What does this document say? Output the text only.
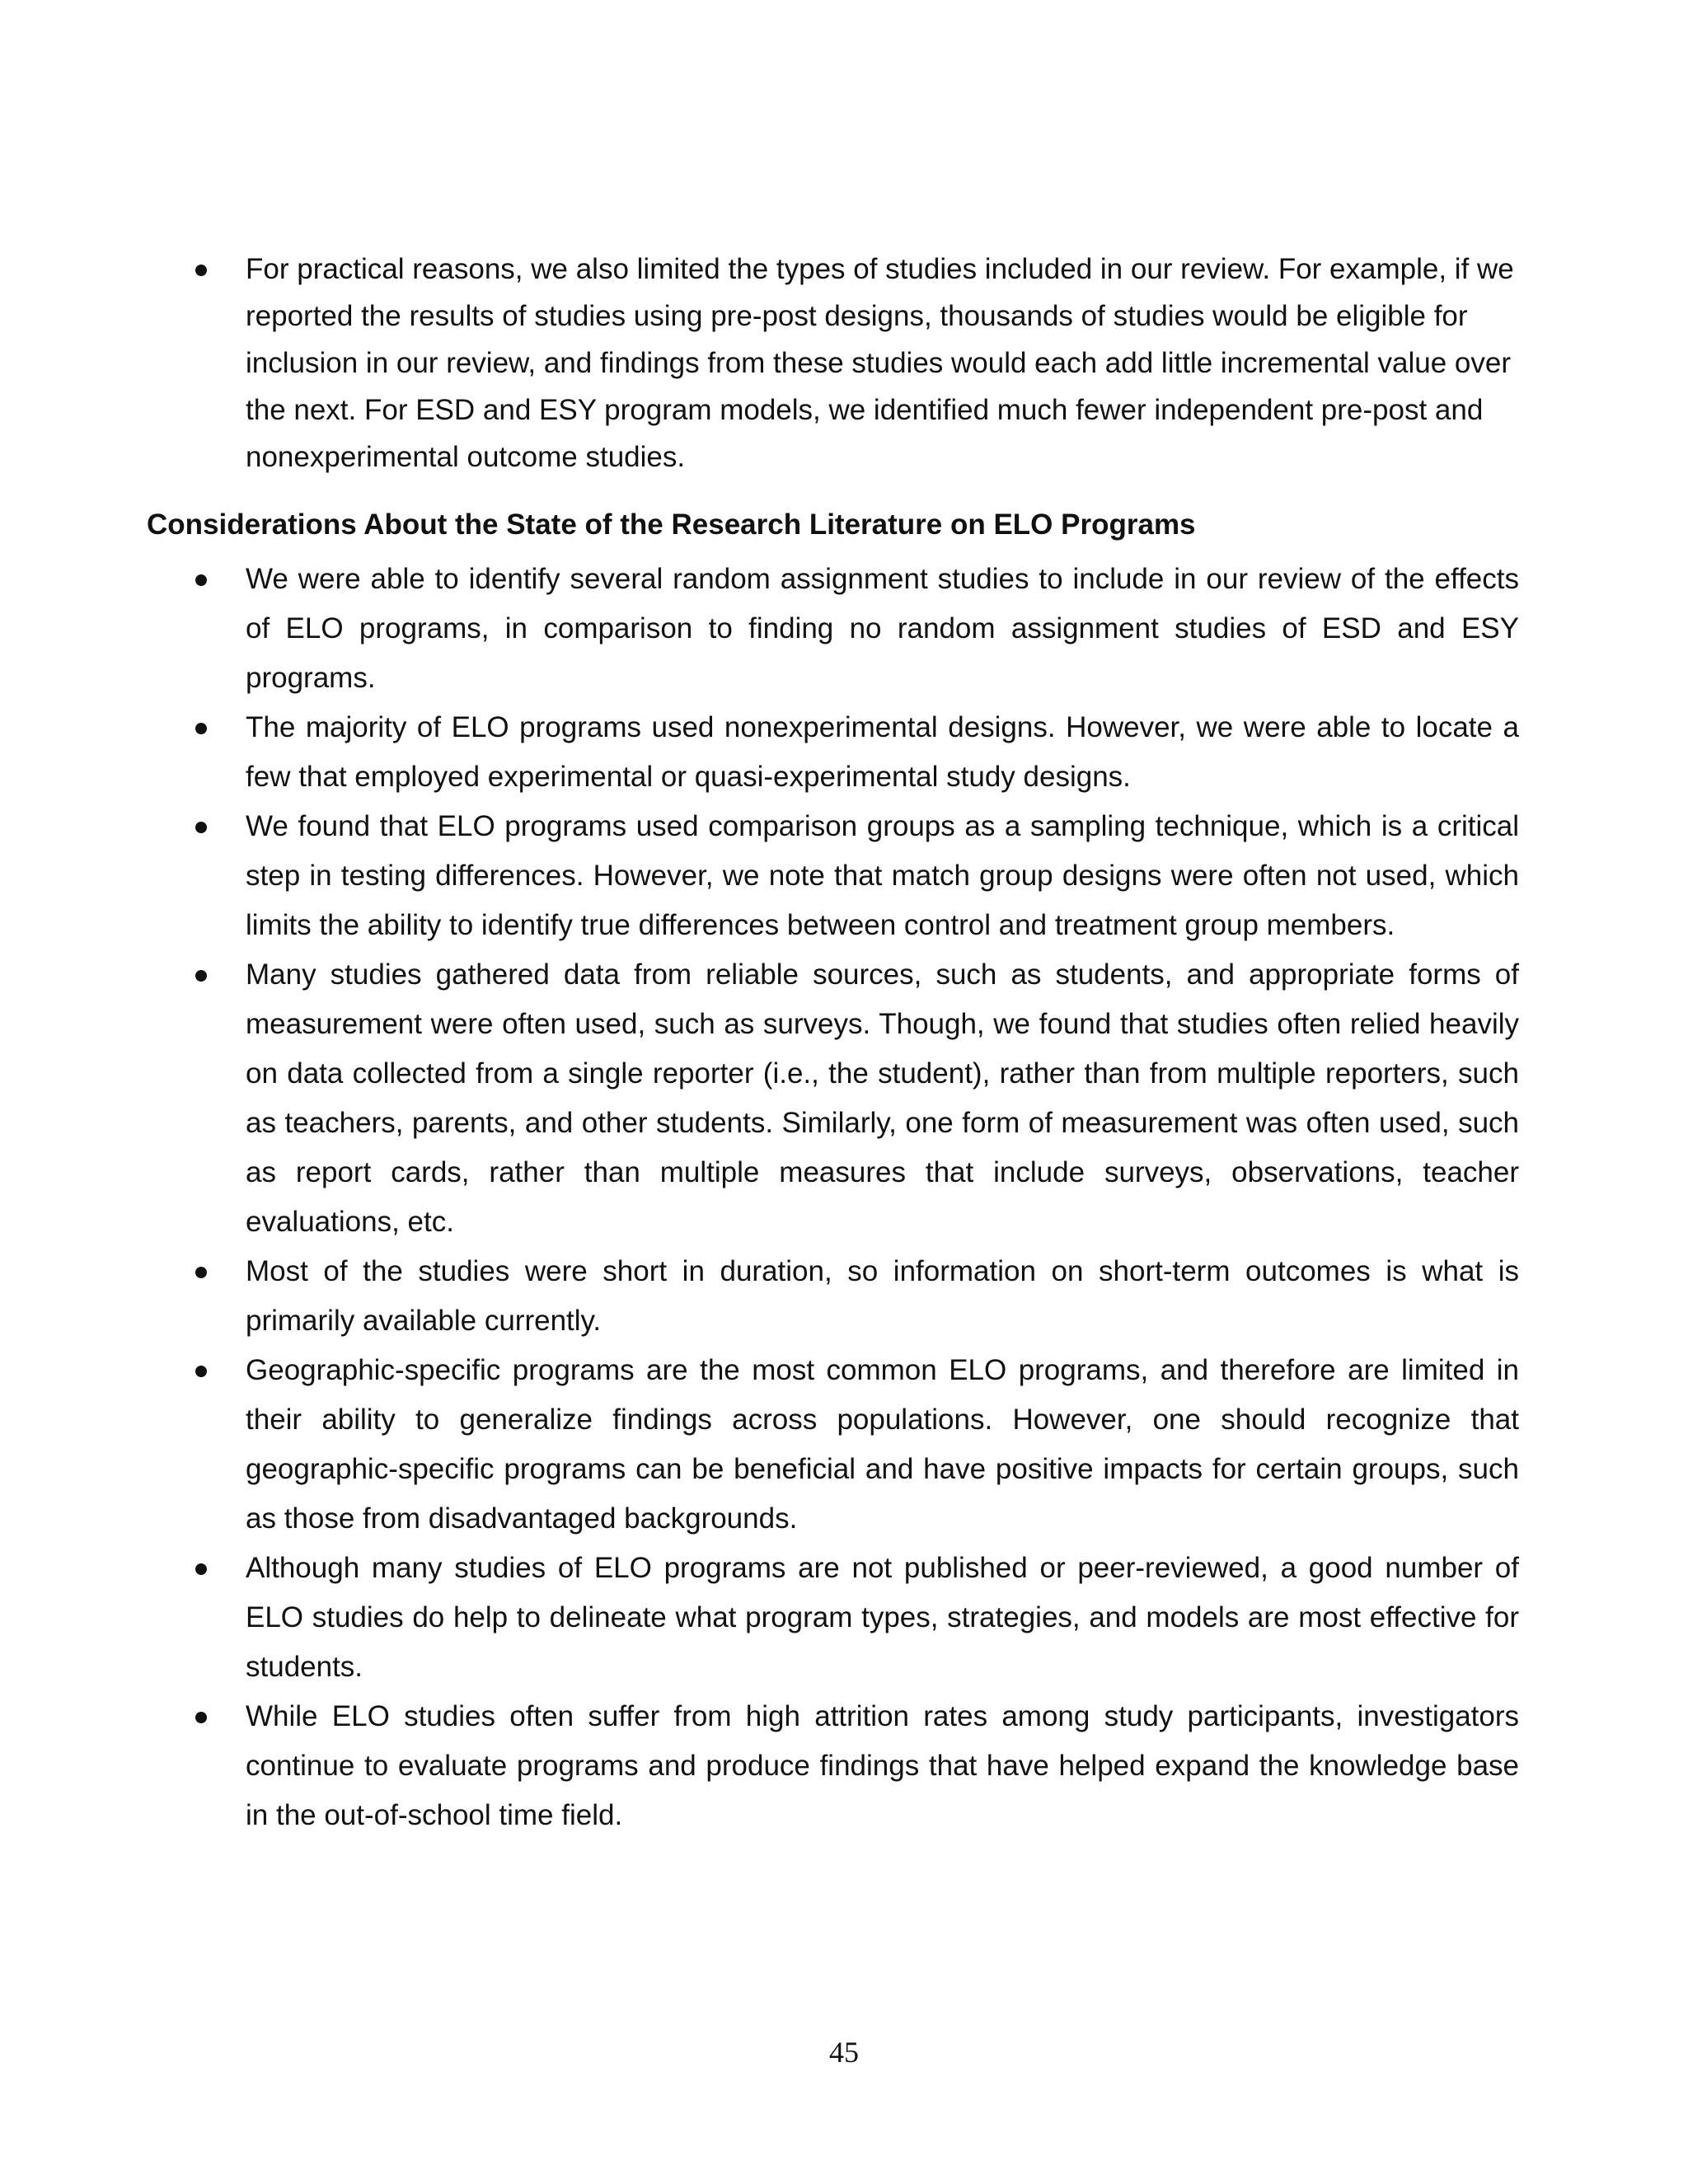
For practical reasons, we also limited the types of studies included in our review. For example, if we reported the results of studies using pre-post designs, thousands of studies would be eligible for inclusion in our review, and findings from these studies would each add little incremental value over the next. For ESD and ESY program models, we identified much fewer independent pre-post and nonexperimental outcome studies.

Considerations About the State of the Research Literature on ELO Programs

We were able to identify several random assignment studies to include in our review of the effects of ELO programs, in comparison to finding no random assignment studies of ESD and ESY programs.

The majority of ELO programs used nonexperimental designs. However, we were able to locate a few that employed experimental or quasi-experimental study designs.

We found that ELO programs used comparison groups as a sampling technique, which is a critical step in testing differences. However, we note that match group designs were often not used, which limits the ability to identify true differences between control and treatment group members.

Many studies gathered data from reliable sources, such as students, and appropriate forms of measurement were often used, such as surveys. Though, we found that studies often relied heavily on data collected from a single reporter (i.e., the student), rather than from multiple reporters, such as teachers, parents, and other students. Similarly, one form of measurement was often used, such as report cards, rather than multiple measures that include surveys, observations, teacher evaluations, etc.

Most of the studies were short in duration, so information on short-term outcomes is what is primarily available currently.

Geographic-specific programs are the most common ELO programs, and therefore are limited in their ability to generalize findings across populations. However, one should recognize that geographic-specific programs can be beneficial and have positive impacts for certain groups, such as those from disadvantaged backgrounds.

Although many studies of ELO programs are not published or peer-reviewed, a good number of ELO studies do help to delineate what program types, strategies, and models are most effective for students.

While ELO studies often suffer from high attrition rates among study participants, investigators continue to evaluate programs and produce findings that have helped expand the knowledge base in the out-of-school time field.

45
